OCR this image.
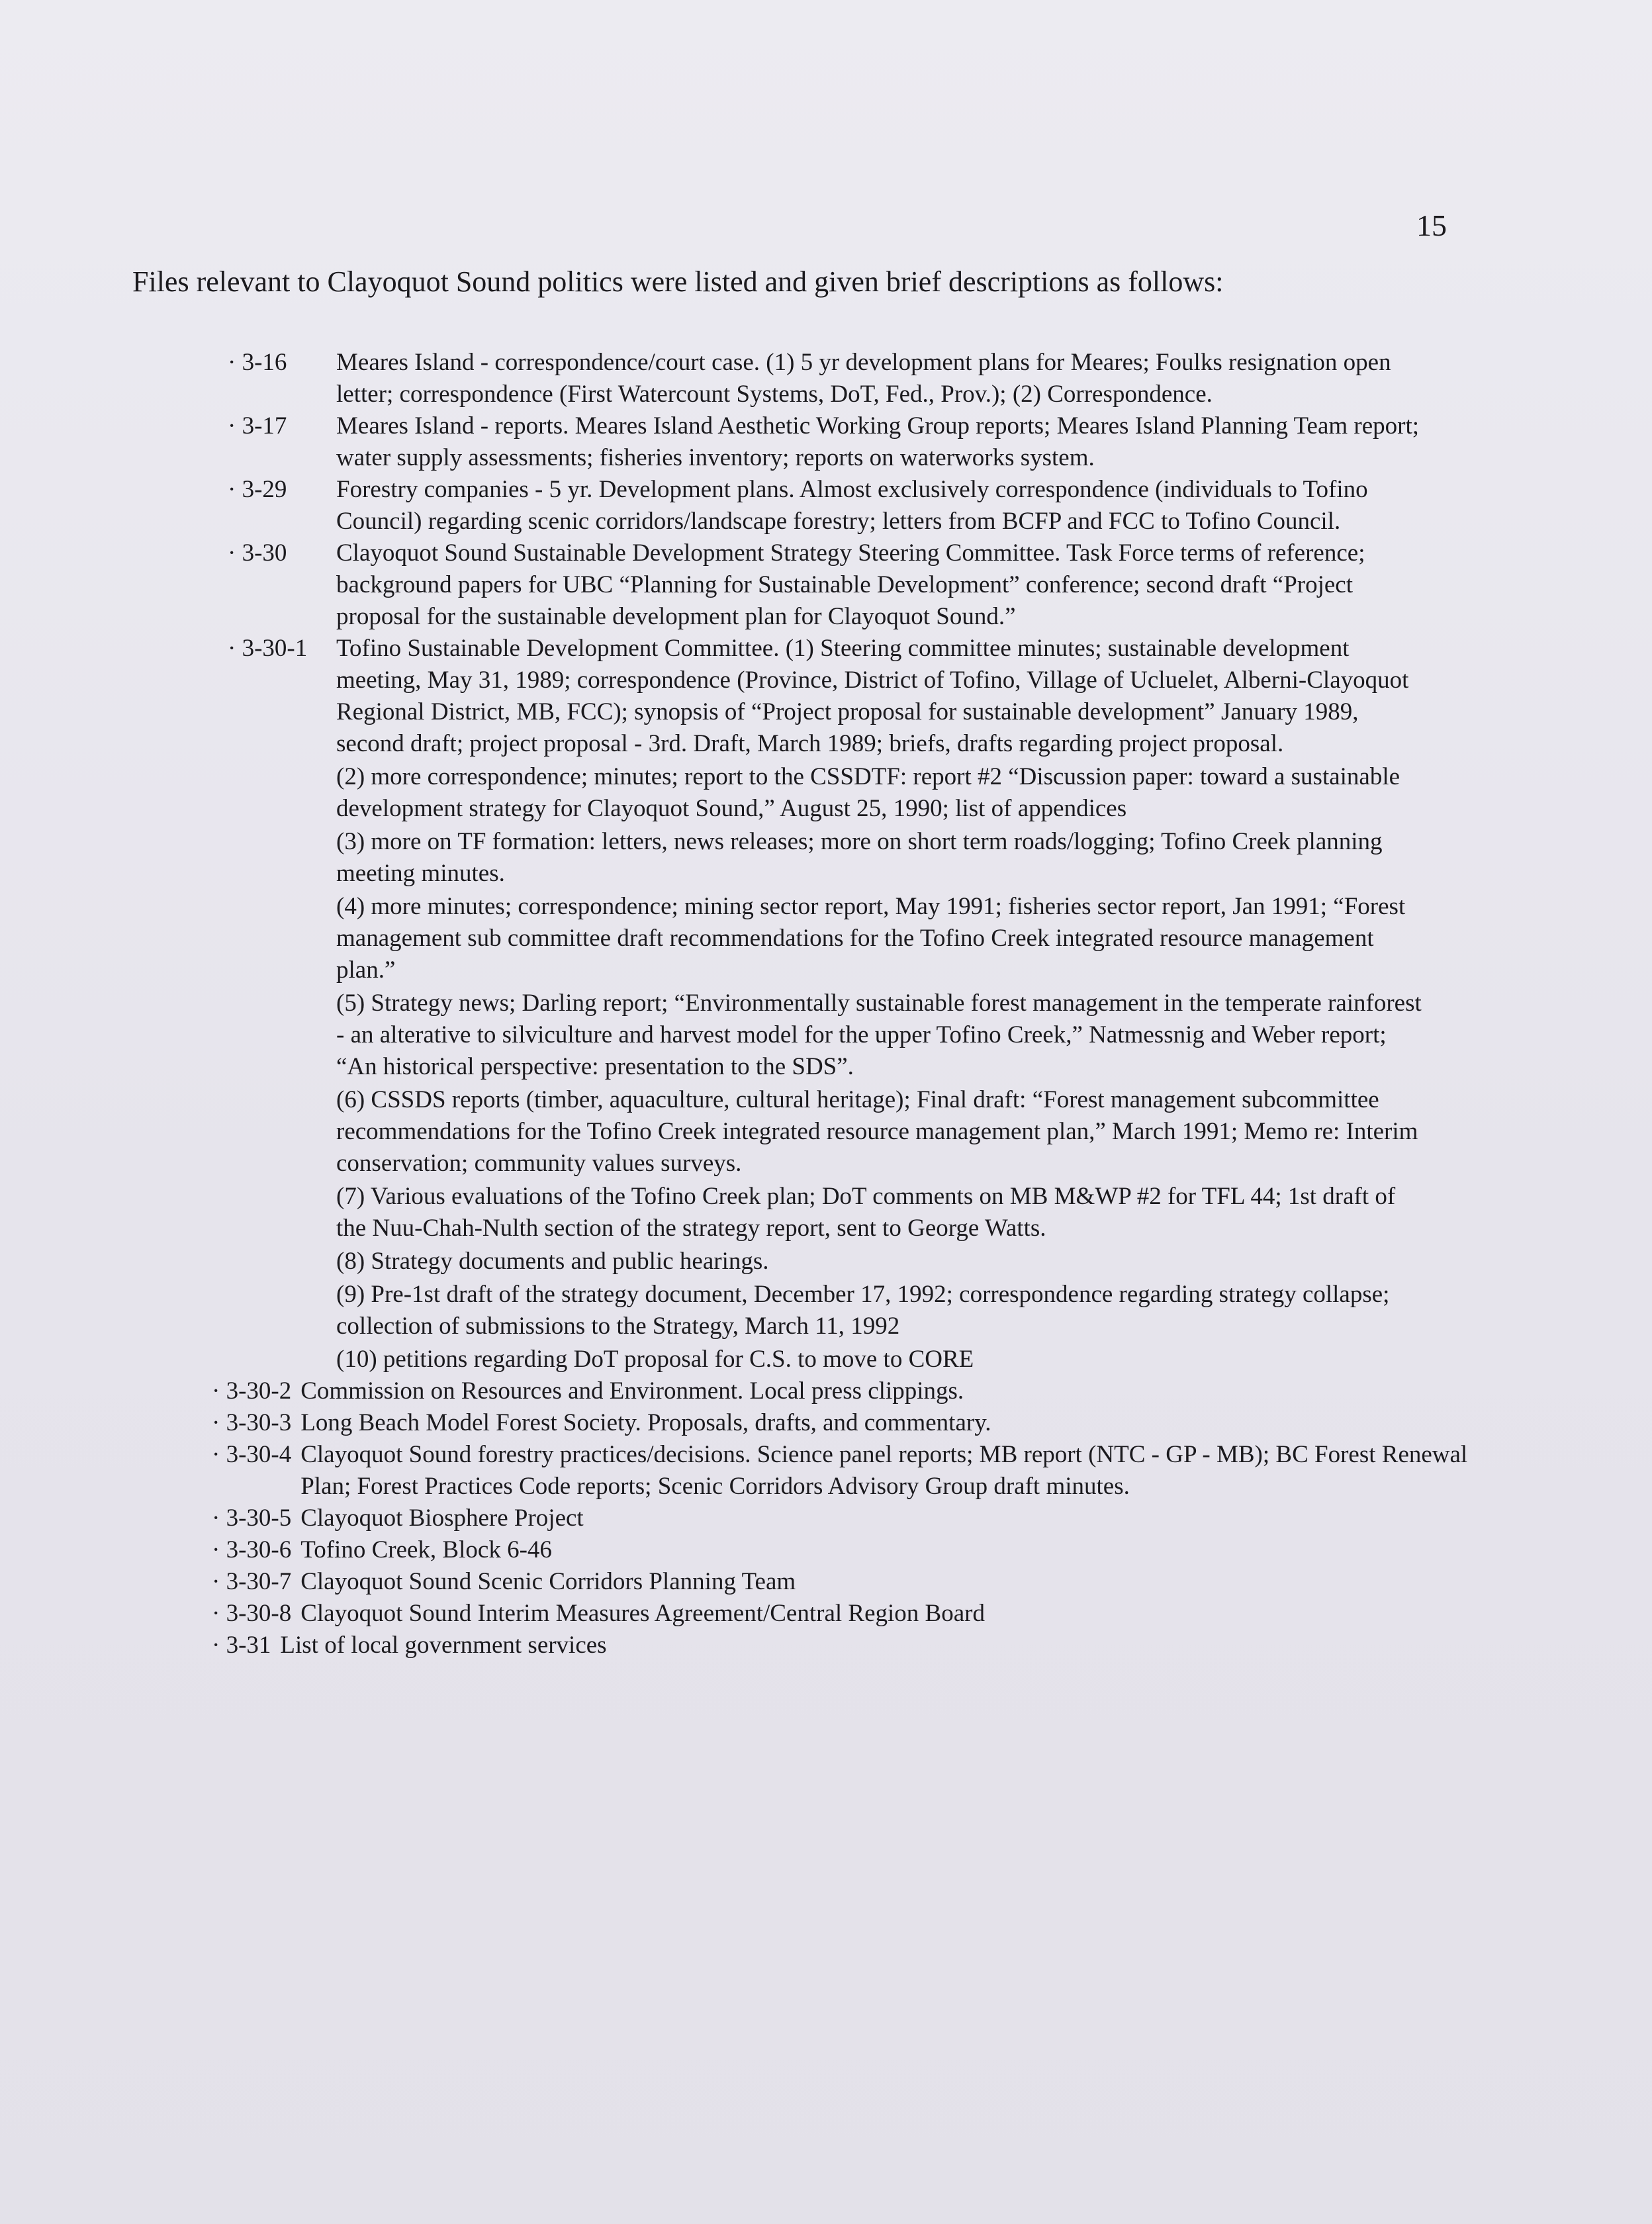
15
Files relevant to Clayoquot Sound politics were listed and given brief descriptions as follows:
· 3-16	Meares Island - correspondence/court case. (1) 5 yr development plans for Meares; Foulks resignation open letter; correspondence (First Watercount Systems, DoT, Fed., Prov.); (2) Correspondence.

· 3-17	Meares Island - reports. Meares Island Aesthetic Working Group reports; Meares Island Planning Team report; water supply assessments; fisheries inventory; reports on waterworks system.

· 3-29	Forestry companies - 5 yr. Development plans. Almost exclusively correspondence (individuals to Tofino Council) regarding scenic corridors/landscape forestry; letters from BCFP and FCC to Tofino Council.

· 3-30	Clayoquot Sound Sustainable Development Strategy Steering Committee. Task Force terms of reference; background papers for UBC “Planning for Sustainable Development” conference; second draft “Project proposal for the sustainable development plan for Clayoquot Sound.”

· 3-30-1	Tofino Sustainable Development Committee. (1) Steering committee minutes; sustainable development meeting, May 31, 1989; correspondence (Province, District of Tofino, Village of Ucluelet, Alberni-Clayoquot Regional District, MB, FCC); synopsis of “Project proposal for sustainable development” January 1989, second draft; project proposal - 3rd. Draft, March 1989; briefs, drafts regarding project proposal.

(2) more correspondence; minutes; report to the CSSDTF: report #2 “Discussion paper: toward a sustainable development strategy for Clayoquot Sound,” August 25, 1990; list of appendices

(3) more on TF formation: letters, news releases; more on short term roads/logging; Tofino Creek planning meeting minutes.

(4) more minutes; correspondence; mining sector report, May 1991; fisheries sector report, Jan 1991; “Forest management sub committee draft recommendations for the Tofino Creek integrated resource management plan.”

(5) Strategy news; Darling report; “Environmentally sustainable forest management in the temperate rainforest - an alterative to silviculture and harvest model for the upper Tofino Creek,” Natmessnig and Weber report; “An historical perspective: presentation to the SDS”.

(6) CSSDS reports (timber, aquaculture, cultural heritage); Final draft: “Forest management subcommittee recommendations for the Tofino Creek integrated resource management plan,” March 1991; Memo re: Interim conservation; community values surveys.

(7) Various evaluations of the Tofino Creek plan; DoT comments on MB M&WP #2 for TFL 44; 1st draft of the Nuu-Chah-Nulth section of the strategy report, sent to George Watts.

(8) Strategy documents and public hearings.

(9) Pre-1st draft of the strategy document, December 17, 1992; correspondence regarding strategy collapse; collection of submissions to the Strategy, March 11, 1992

(10) petitions regarding DoT proposal for C.S. to move to CORE

· 3-30-2 Commission on Resources and Environment. Local press clippings.
· 3-30-3 Long Beach Model Forest Society. Proposals, drafts, and commentary.
· 3-30-4 Clayoquot Sound forestry practices/decisions. Science panel reports; MB report (NTC - GP - MB); BC Forest Renewal Plan; Forest Practices Code reports; Scenic Corridors Advisory Group draft minutes.
· 3-30-5 Clayoquot Biosphere Project
· 3-30-6 Tofino Creek, Block 6-46
· 3-30-7 Clayoquot Sound Scenic Corridors Planning Team
· 3-30-8 Clayoquot Sound Interim Measures Agreement/Central Region Board
· 3-31 List of local government services
